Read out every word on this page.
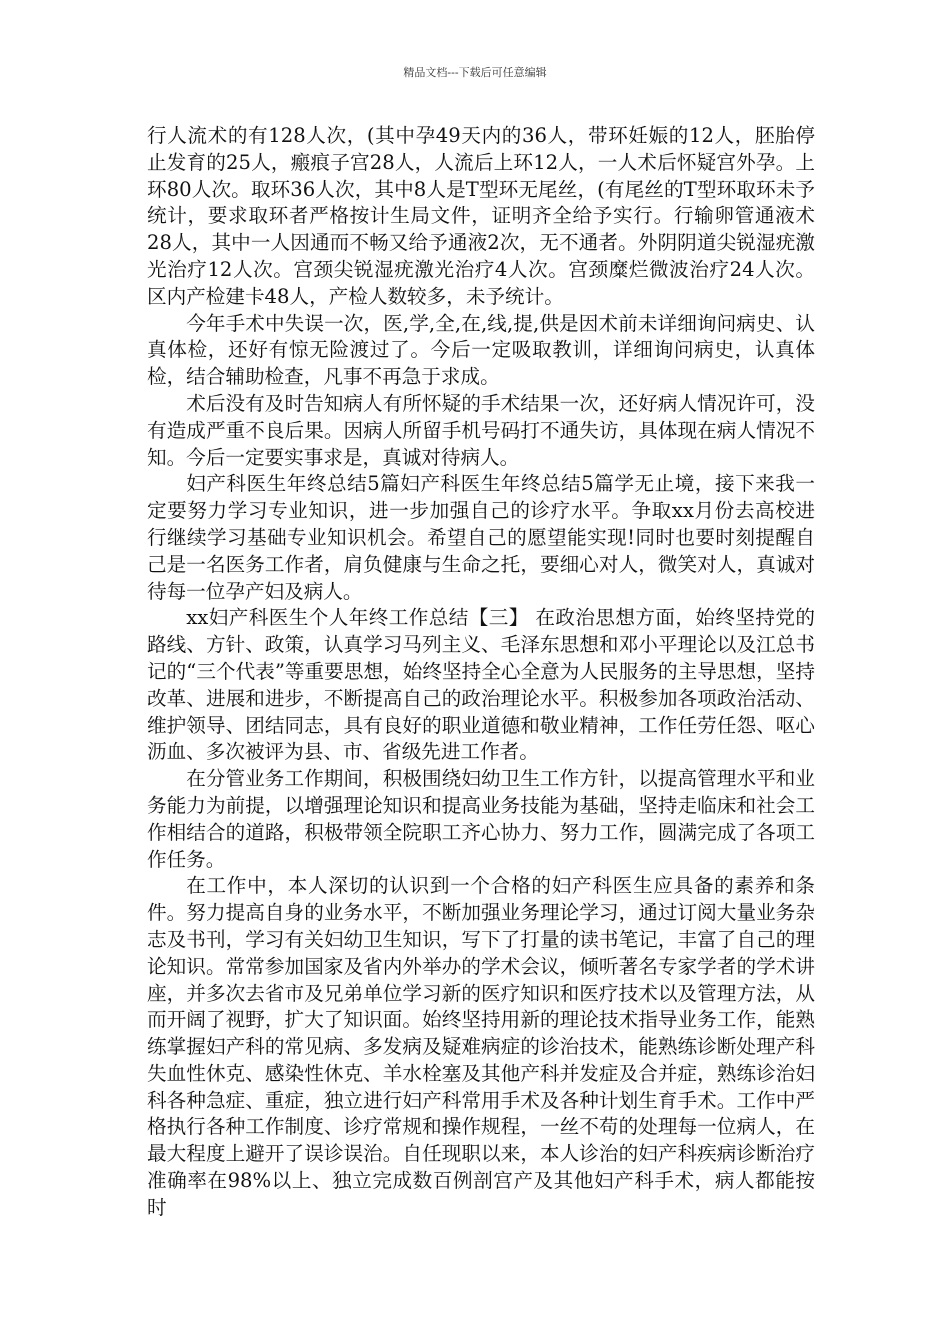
精品文档---下载后可任意编辑

行人流术的有128人次，(其中孕49天内的36人，带环妊娠的12人，胚胎停止发育的25人，瘢痕子宫28人，人流后上环12人，一人术后怀疑宫外孕。上环80人次。取环36人次，其中8人是T型环无尾丝，(有尾丝的T型环取环未予统计，要求取环者严格按计生局文件，证明齐全给予实行。行输卵管通液术28人，其中一人因通而不畅又给予通液2次，无不通者。外阴阴道尖锐湿疣激光治疗12人次。宫颈尖锐湿疣激光治疗4人次。宫颈糜烂微波治疗24人次。区内产检建卡48人，产检人数较多，未予统计。

今年手术中失误一次，医,学,全,在,线,提,供是因术前未详细询问病史、认真体检，还好有惊无险渡过了。今后一定吸取教训，详细询问病史，认真体检，结合辅助检查，凡事不再急于求成。

术后没有及时告知病人有所怀疑的手术结果一次，还好病人情况许可，没有造成严重不良后果。因病人所留手机号码打不通失访，具体现在病人情况不知。今后一定要实事求是，真诚对待病人。

妇产科医生年终总结5篇妇产科医生年终总结5篇学无止境，接下来我一定要努力学习专业知识，进一步加强自己的诊疗水平。争取xx月份去高校进行继续学习基础专业知识机会。希望自己的愿望能实现!同时也要时刻提醒自己是一名医务工作者，肩负健康与生命之托，要细心对人，微笑对人，真诚对待每一位孕产妇及病人。

xx妇产科医生个人年终工作总结【三】 在政治思想方面，始终坚持党的路线、方针、政策，认真学习马列主义、毛泽东思想和邓小平理论以及江总书记的“三个代表”等重要思想，始终坚持全心全意为人民服务的主导思想，坚持改革、进展和进步，不断提高自己的政治理论水平。积极参加各项政治活动、维护领导、团结同志，具有良好的职业道德和敬业精神，工作任劳任怨、呕心沥血、多次被评为县、市、省级先进工作者。

在分管业务工作期间，积极围绕妇幼卫生工作方针，以提高管理水平和业务能力为前提，以增强理论知识和提高业务技能为基础，坚持走临床和社会工作相结合的道路，积极带领全院职工齐心协力、努力工作，圆满完成了各项工作任务。

在工作中，本人深切的认识到一个合格的妇产科医生应具备的素养和条件。努力提高自身的业务水平，不断加强业务理论学习，通过订阅大量业务杂志及书刊，学习有关妇幼卫生知识，写下了打量的读书笔记，丰富了自己的理论知识。常常参加国家及省内外举办的学术会议，倾听著名专家学者的学术讲座，并多次去省市及兄弟单位学习新的医疗知识和医疗技术以及管理方法，从而开阔了视野，扩大了知识面。始终坚持用新的理论技术指导业务工作，能熟练掌握妇产科的常见病、多发病及疑难病症的诊治技术，能熟练诊断处理产科失血性休克、感染性休克、羊水栓塞及其他产科并发症及合并症，熟练诊治妇科各种急症、重症，独立进行妇产科常用手术及各种计划生育手术。工作中严格执行各种工作制度、诊疗常规和操作规程，一丝不苟的处理每一位病人，在最大程度上避开了误诊误治。自任现职以来，本人诊治的妇产科疾病诊断治疗准确率在98%以上、独立完成数百例剖宫产及其他妇产科手术，病人都能按时
